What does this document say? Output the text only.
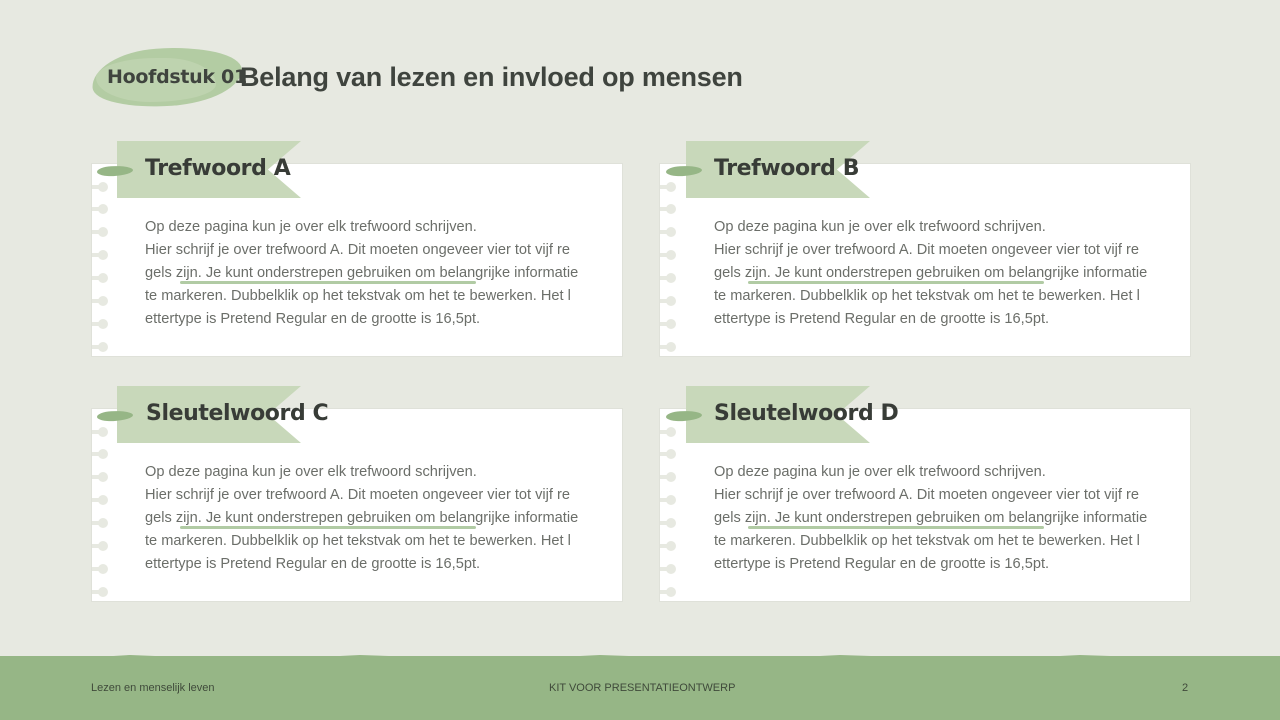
Hoofdstuk 01
Belang van lezen en invloed op mensen

Op deze pagina kun je over elk trefwoord schrijven.

Hier schrijf je over trefwoord A. Dit moeten ongeveer vier tot vijf re

gels zijn. Je kunt onderstrepen gebruiken om belangrijke informatie

te markeren. Dubbelklik op het tekstvak om het te bewerken. Het l

ettertype is Pretend Regular en de grootte is 16,5pt.

Trefwoord A

Op deze pagina kun je over elk trefwoord schrijven.

Hier schrijf je over trefwoord A. Dit moeten ongeveer vier tot vijf re

gels zijn. Je kunt onderstrepen gebruiken om belangrijke informatie

te markeren. Dubbelklik op het tekstvak om het te bewerken. Het l

ettertype is Pretend Regular en de grootte is 16,5pt.

Trefwoord B

Op deze pagina kun je over elk trefwoord schrijven.

Hier schrijf je over trefwoord A. Dit moeten ongeveer vier tot vijf re

gels zijn. Je kunt onderstrepen gebruiken om belangrijke informatie

te markeren. Dubbelklik op het tekstvak om het te bewerken. Het l

ettertype is Pretend Regular en de grootte is 16,5pt.

Sleutelwoord C

Op deze pagina kun je over elk trefwoord schrijven.

Hier schrijf je over trefwoord A. Dit moeten ongeveer vier tot vijf re

gels zijn. Je kunt onderstrepen gebruiken om belangrijke informatie

te markeren. Dubbelklik op het tekstvak om het te bewerken. Het l

ettertype is Pretend Regular en de grootte is 16,5pt.

Sleutelwoord D
Lezen en menselijk leven	KIT VOOR PRESENTATIEONTWERP	2
